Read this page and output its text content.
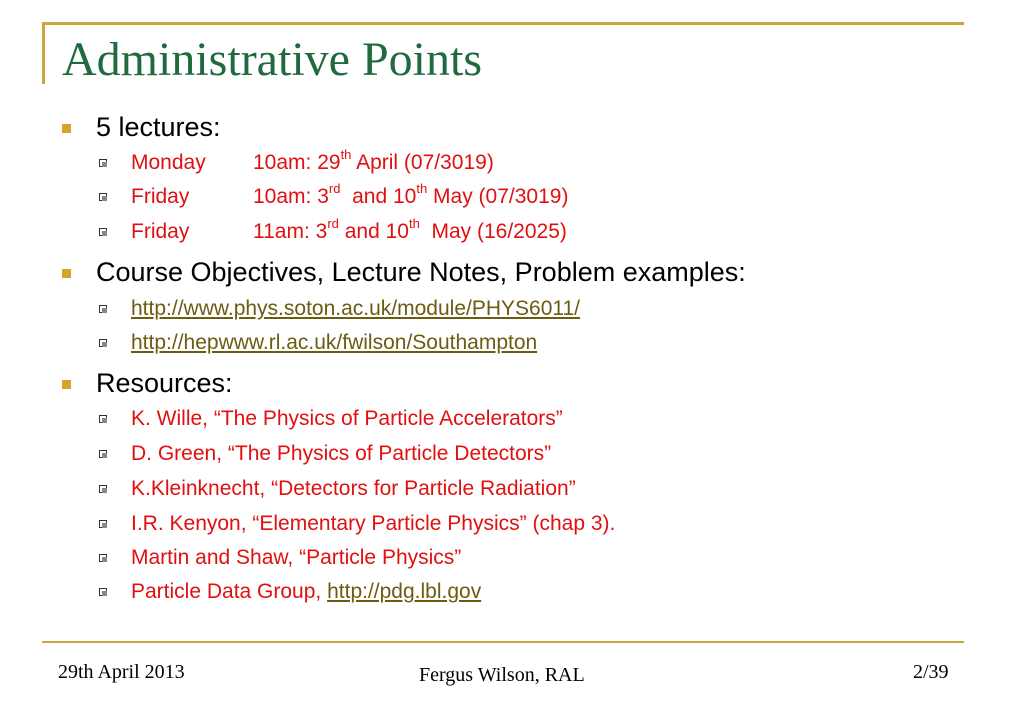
Administrative Points
5 lectures:
Monday 10am: 29th April (07/3019)
Friday	10am: 3rd  and 10th May (07/3019)
Friday	11am: 3rd and 10th  May (16/2025)
Course Objectives, Lecture Notes, Problem examples:
http://www.phys.soton.ac.uk/module/PHYS6011/
http://hepwww.rl.ac.uk/fwilson/Southampton
Resources:
K. Wille, “The Physics of Particle Accelerators”
D. Green, “The Physics of Particle Detectors”
K.Kleinknecht, “Detectors for Particle Radiation”
I.R. Kenyon, “Elementary Particle Physics” (chap 3).
Martin and Shaw, “Particle Physics”
Particle Data Group, http://pdg.lbl.gov
29th April 2013	Fergus Wilson, RAL	2/39
